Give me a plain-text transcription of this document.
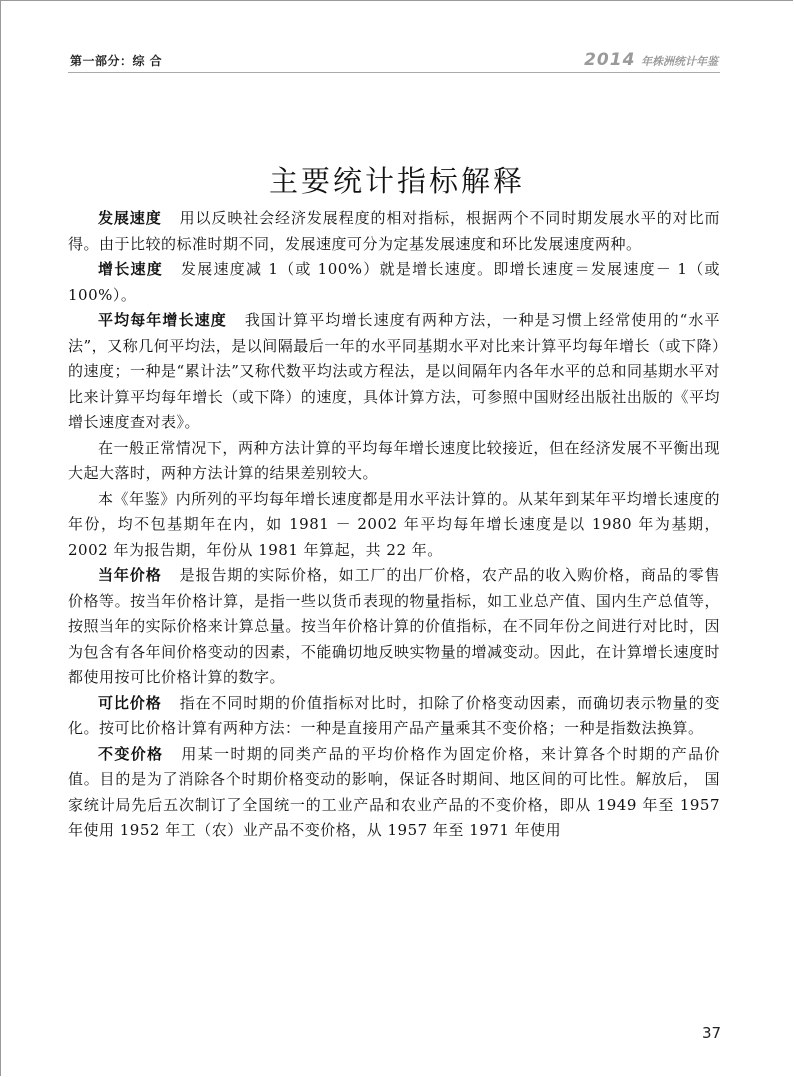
第一部分：综 合	2014 年株洲统计年鉴
主要统计指标解释

发展速度 用以反映社会经济发展程度的相对指标，根据两个不同时期发展水平的对比而得。由于比较的标准时期不同，发展速度可分为定基发展速度和环比发展速度两种。

增长速度 发展速度减 1（或 100%）就是增长速度。即增长速度＝发展速度－ 1（或 100%）。

平均每年增长速度 我国计算平均增长速度有两种方法，一种是习惯上经常使用的“水平法”，又称几何平均法，是以间隔最后一年的水平同基期水平对比来计算平均每年增长（或下降）的速度；一种是“累计法”又称代数平均法或方程法，是以间隔年内各年水平的总和同基期水平对比来计算平均每年增长（或下降）的速度，具体计算方法，可参照中国财经出版社出版的《平均增长速度查对表》。

在一般正常情况下，两种方法计算的平均每年增长速度比较接近，但在经济发展不平衡出现大起大落时，两种方法计算的结果差别较大。

本《年鉴》内所列的平均每年增长速度都是用水平法计算的。从某年到某年平均增长速度的年份，均不包基期年在内，如 1981 － 2002 年平均每年增长速度是以 1980 年为基期，2002 年为报告期，年份从 1981 年算起，共 22 年。

当年价格 是报告期的实际价格，如工厂的出厂价格，农产品的收入购价格，商品的零售价格等。按当年价格计算，是指一些以货币表现的物量指标，如工业总产值、国内生产总值等，按照当年的实际价格来计算总量。按当年价格计算的价值指标，在不同年份之间进行对比时，因为包含有各年间价格变动的因素，不能确切地反映实物量的增减变动。因此，在计算增长速度时都使用按可比价格计算的数字。

可比价格 指在不同时期的价值指标对比时，扣除了价格变动因素，而确切表示物量的变化。按可比价格计算有两种方法：一种是直接用产品产量乘其不变价格；一种是指数法换算。

不变价格 用某一时期的同类产品的平均价格作为固定价格，来计算各个时期的产品价值。目的是为了消除各个时期价格变动的影响，保证各时期间、地区间的可比性。解放后， 国家统计局先后五次制订了全国统一的工业产品和农业产品的不变价格，即从 1949 年至 1957 年使用 1952 年工（农）业产品不变价格，从 1957 年至 1971 年使用

37
